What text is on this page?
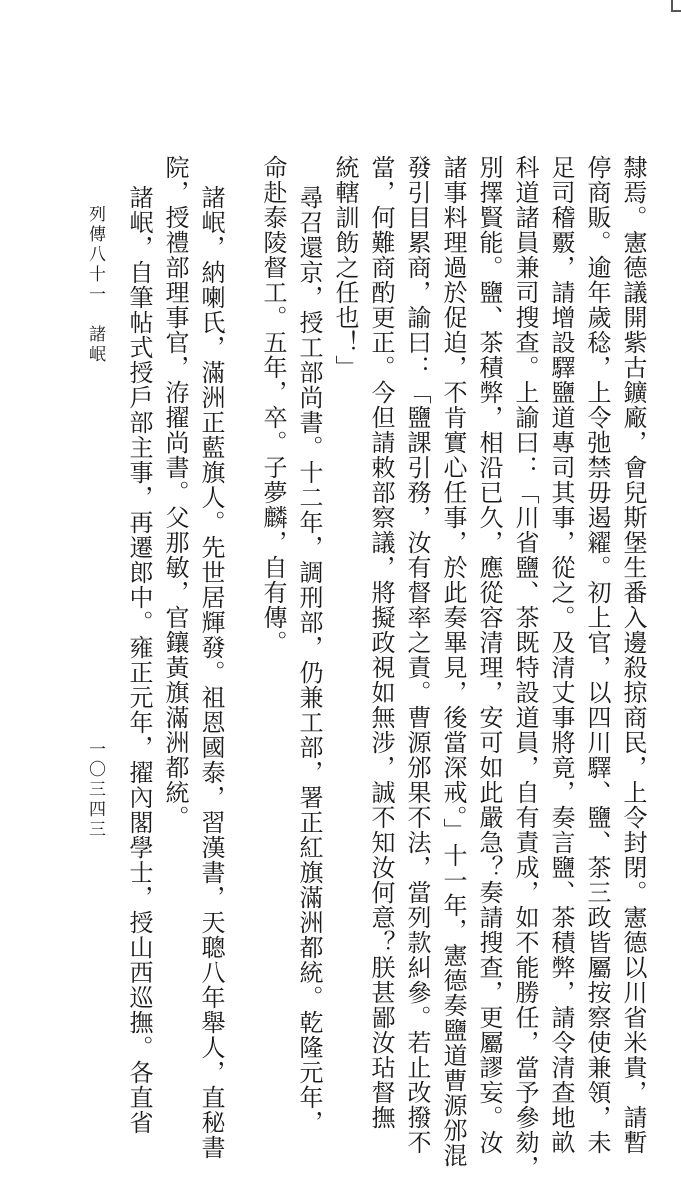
隸焉。憲德議開紫古鑛廠，會兒斯堡生番入邊殺掠商民，上令封閉。憲德以川省米貴，請暫
停商販。逾年歲稔，上令弛禁毋遏糴。初上官，以四川驛、鹽、茶三政皆屬按察使兼領，未
足司稽覈，請增設驛鹽道專司其事，從之。及清丈事將竟，奏言鹽、茶積弊，請令清查地畝
科道諸員兼司搜查。上諭曰：「川省鹽、茶既特設道員，自有責成，如不能勝任，當予參劾，
別擇賢能。鹽、茶積弊，相沿已久，應從容清理，安可如此嚴急？奏請搜查，更屬謬妄。汝
諸事料理過於促迫，不肯實心任事，於此奏畢見，後當深戒。」十一年，憲德奏鹽道曹源邠混
發引目累商，諭曰：「鹽課引務，汝有督率之責。曹源邠果不法，當列款糾參。若止改撥不
當，何難商酌更正。今但請敕部察議，將擬政視如無涉，誠不知汝何意？朕甚鄙汝玷督撫
統轄訓飭之任也！」
尋召還京，授工部尚書。十二年，調刑部，仍兼工部，署正紅旗滿洲都統。乾隆元年，
命赴泰陵督工。五年，卒。子夢麟，自有傳。
諸岷，納喇氏，滿洲正藍旗人。先世居輝發。祖恩國泰，習漢書，天聰八年舉人，直秘書
院，授禮部理事官，洊擢尚書。父那敏，官鑲黃旗滿洲都統。
諸岷，自筆帖式授戶部主事，再遷郎中。雍正元年，擢內閣學士，授山西巡撫。各直省
列傳八十一　諸岷
一〇三四三
